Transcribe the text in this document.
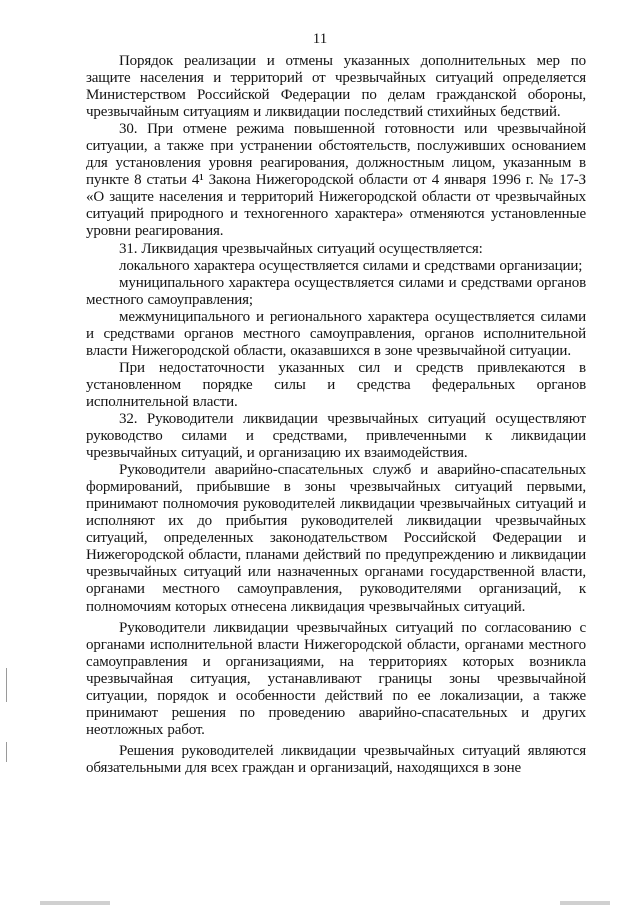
11

Порядок реализации и отмены указанных дополнительных мер по защите населения и территорий от чрезвычайных ситуаций определяется Министерством Российской Федерации по делам гражданской обороны, чрезвычайным ситуациям и ликвидации последствий стихийных бедствий.

30. При отмене режима повышенной готовности или чрезвычайной ситуации, а также при устранении обстоятельств, послуживших основанием для установления уровня реагирования, должностным лицом, указанным в пункте 8 статьи 4¹ Закона Нижегородской области от 4 января 1996 г. № 17-З «О защите населения и территорий Нижегородской области от чрезвычайных ситуаций природного и техногенного характера» отменяются установленные уровни реагирования.

31. Ликвидация чрезвычайных ситуаций осуществляется:

локального характера осуществляется силами и средствами организации;

муниципального характера осуществляется силами и средствами органов местного самоуправления;

межмуниципального и регионального характера осуществляется силами и средствами органов местного самоуправления, органов исполнительной власти Нижегородской области, оказавшихся в зоне чрезвычайной ситуации.

При недостаточности указанных сил и средств привлекаются в установленном порядке силы и средства федеральных органов исполнительной власти.

32. Руководители ликвидации чрезвычайных ситуаций осуществляют руководство силами и средствами, привлеченными к ликвидации чрезвычайных ситуаций, и организацию их взаимодействия.

Руководители аварийно-спасательных служб и аварийно-спасательных формирований, прибывшие в зоны чрезвычайных ситуаций первыми, принимают полномочия руководителей ликвидации чрезвычайных ситуаций и исполняют их до прибытия руководителей ликвидации чрезвычайных ситуаций, определенных законодательством Российской Федерации и Нижегородской области, планами действий по предупреждению и ликвидации чрезвычайных ситуаций или назначенных органами государственной власти, органами местного самоуправления, руководителями организаций, к полномочиям которых отнесена ликвидация чрезвычайных ситуаций.

Руководители ликвидации чрезвычайных ситуаций по согласованию с органами исполнительной власти Нижегородской области, органами местного самоуправления и организациями, на территориях которых возникла чрезвычайная ситуация, устанавливают границы зоны чрезвычайной ситуации, порядок и особенности действий по ее локализации, а также принимают решения по проведению аварийно-спасательных и других неотложных работ.

Решения руководителей ликвидации чрезвычайных ситуаций являются обязательными для всех граждан и организаций, находящихся в зоне
